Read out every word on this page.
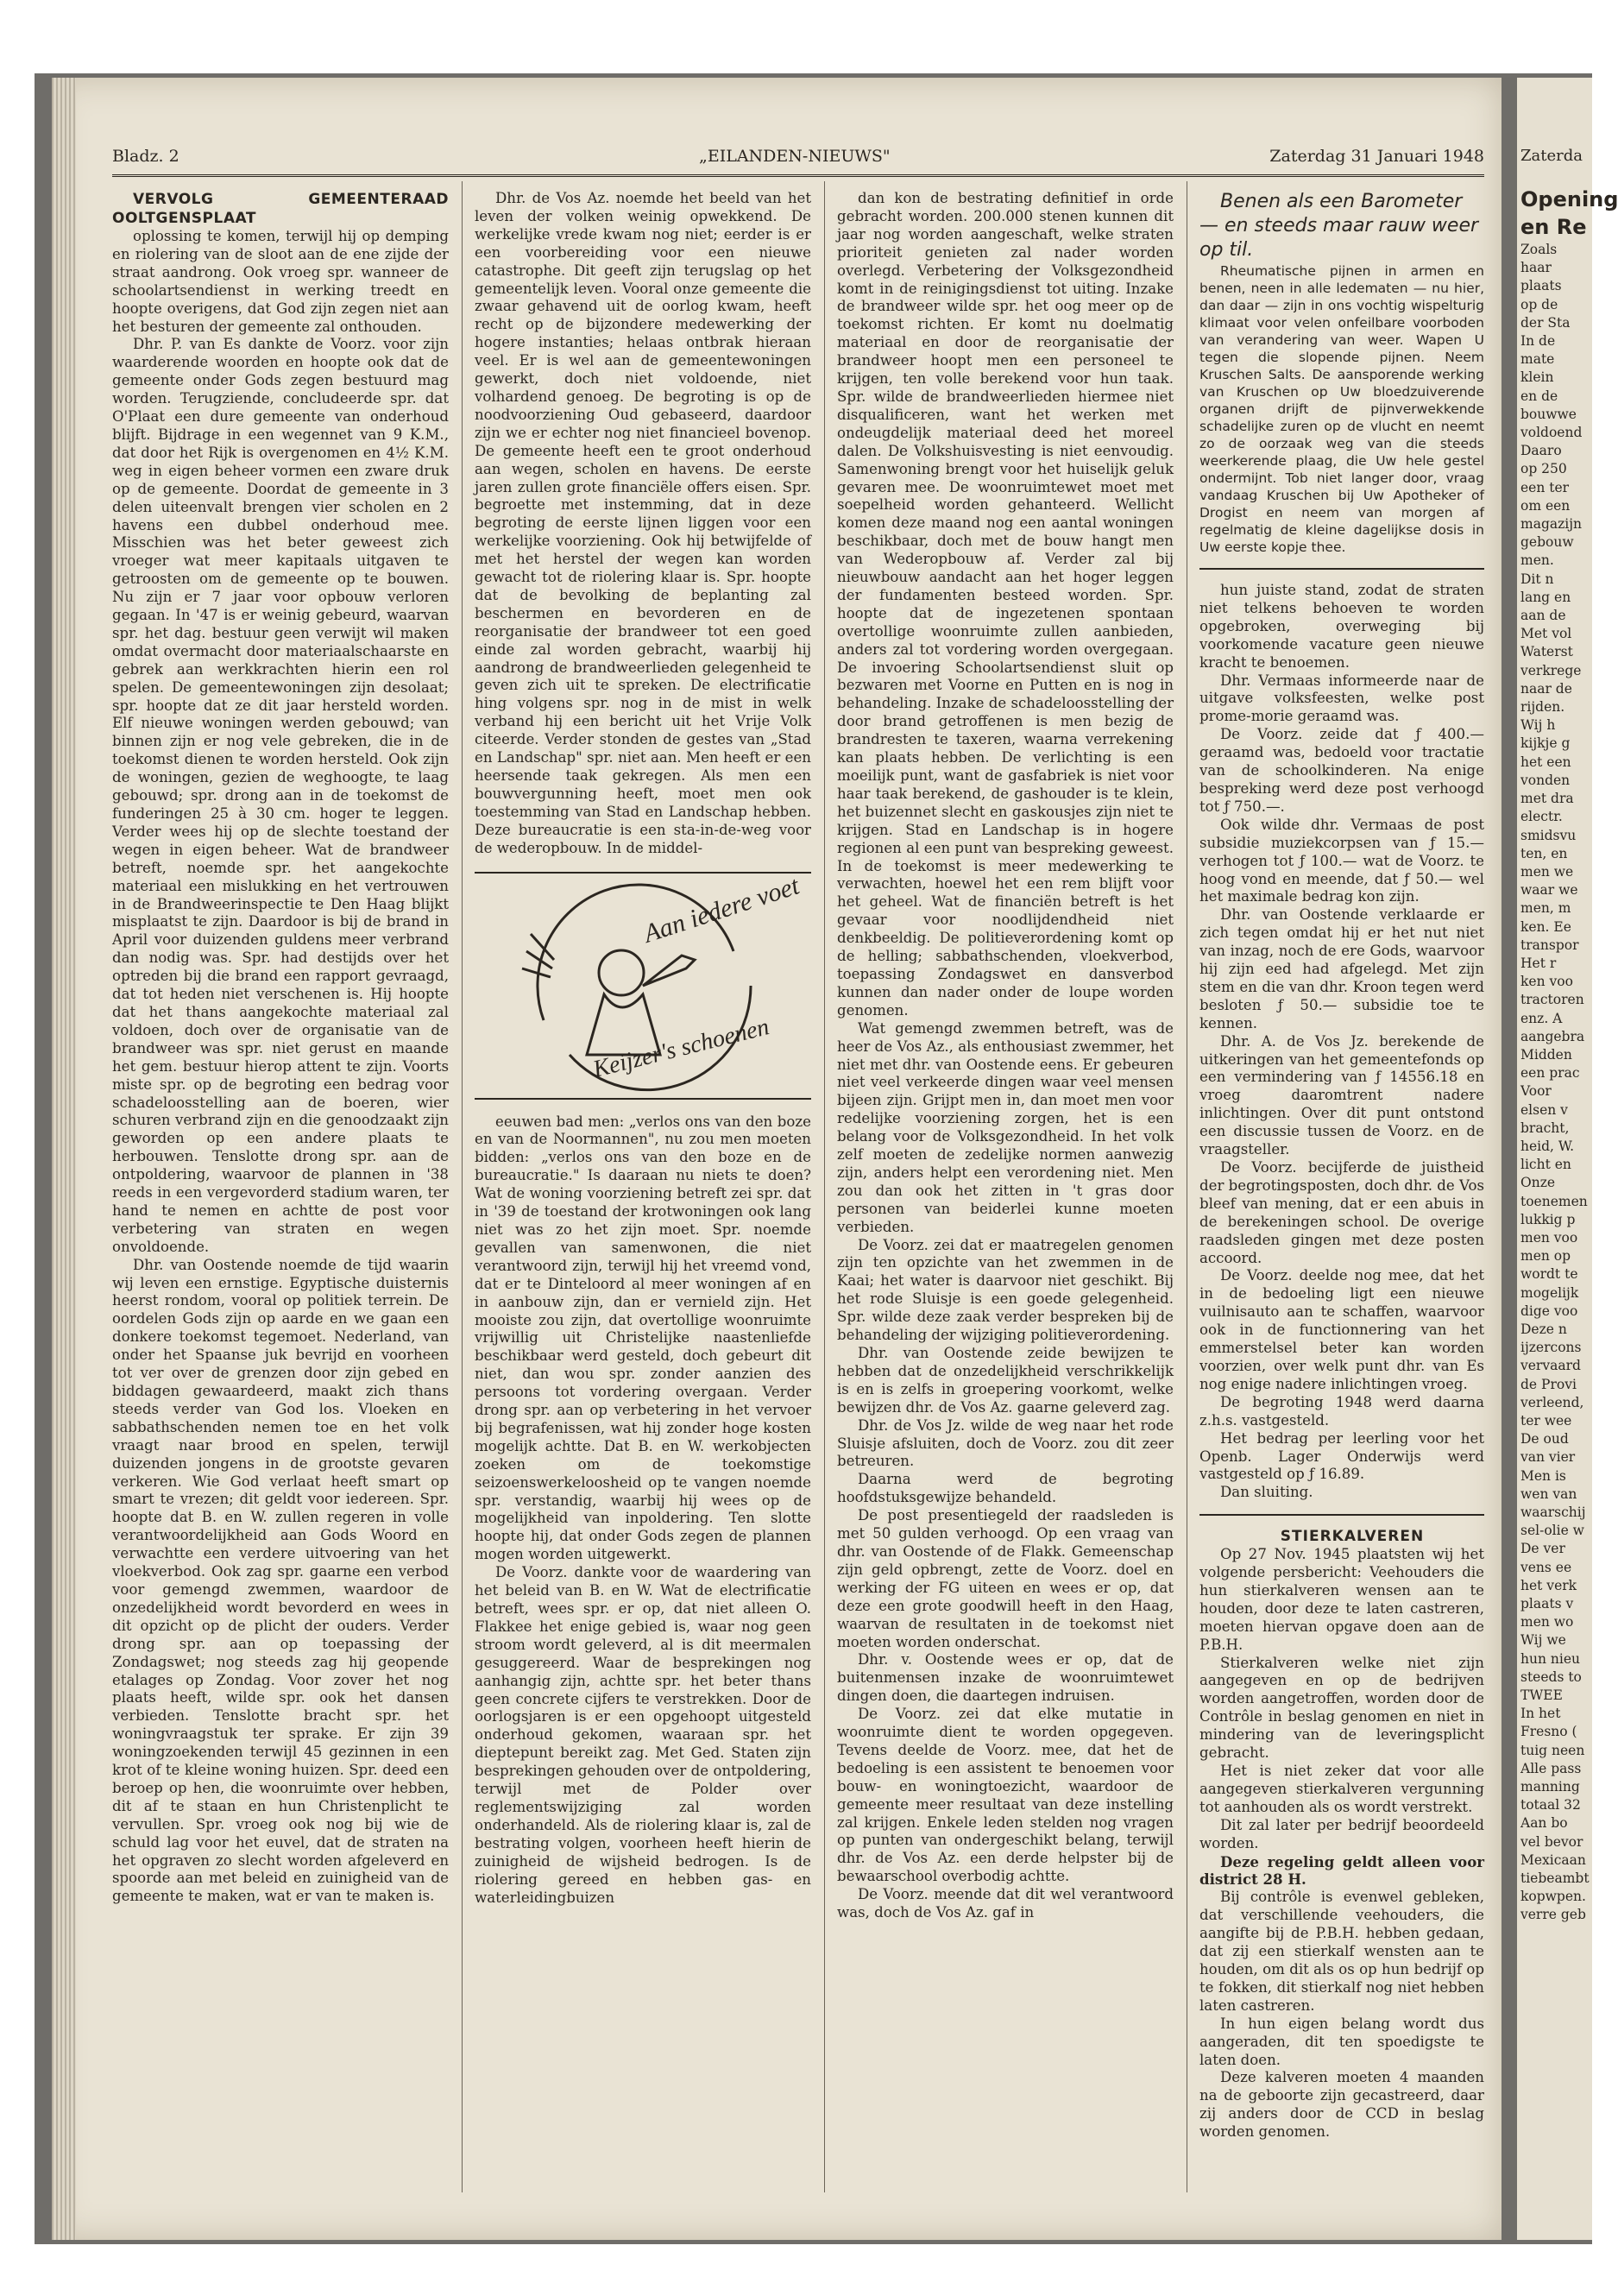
Bladz. 2	„EILANDEN-NIEUWS"	Zaterdag 31 Januari 1948

VERVOLG GEMEENTERAAD OOLTGENSPLAAT

oplossing te komen, terwijl hij op demping en riolering van de sloot aan de ene zijde der straat aandrong. Ook vroeg spr. wanneer de schoolartsendienst in werking treedt en hoopte overigens, dat God zijn zegen niet aan het besturen der gemeente zal onthouden.

Dhr. P. van Es dankte de Voorz. voor zijn waarderende woorden en hoopte ook dat de gemeente onder Gods zegen bestuurd mag worden. Terugziende, concludeerde spr. dat O'Plaat een dure gemeente van onderhoud blijft. Bijdrage in een wegennet van 9 K.M., dat door het Rijk is overgenomen en 4½ K.M. weg in eigen beheer vormen een zware druk op de gemeente. Doordat de gemeente in 3 delen uiteenvalt brengen vier scholen en 2 havens een dubbel onderhoud mee. Misschien was het beter geweest zich vroeger wat meer kapitaals uitgaven te getroosten om de gemeente op te bouwen. Nu zijn er 7 jaar voor opbouw verloren gegaan. In '47 is er weinig gebeurd, waarvan spr. het dag. bestuur geen verwijt wil maken omdat overmacht door materiaalschaarste en gebrek aan werkkrachten hierin een rol spelen. De gemeentewoningen zijn desolaat; spr. hoopte dat ze dit jaar hersteld worden. Elf nieuwe woningen werden gebouwd; van binnen zijn er nog vele gebreken, die in de toekomst dienen te worden hersteld. Ook zijn de woningen, gezien de weghoogte, te laag gebouwd; spr. drong aan in de toekomst de funderingen 25 à 30 cm. hoger te leggen. Verder wees hij op de slechte toestand der wegen in eigen beheer. Wat de brandweer betreft, noemde spr. het aangekochte materiaal een mislukking en het vertrouwen in de Brandweerinspectie te Den Haag blijkt misplaatst te zijn. Daardoor is bij de brand in April voor duizenden guldens meer verbrand dan nodig was. Spr. had destijds over het optreden bij die brand een rapport gevraagd, dat tot heden niet verschenen is. Hij hoopte dat het thans aangekochte materiaal zal voldoen, doch over de organisatie van de brandweer was spr. niet gerust en maande het gem. bestuur hierop attent te zijn. Voorts miste spr. op de begroting een bedrag voor schadeloosstelling aan de boeren, wier schuren verbrand zijn en die genoodzaakt zijn geworden op een andere plaats te herbouwen. Tenslotte drong spr. aan de ontpoldering, waarvoor de plannen in '38 reeds in een vergevorderd stadium waren, ter hand te nemen en achtte de post voor verbetering van straten en wegen onvoldoende.

Dhr. van Oostende noemde de tijd waarin wij leven een ernstige. Egyptische duisternis heerst rondom, vooral op politiek terrein. De oordelen Gods zijn op aarde en we gaan een donkere toekomst tegemoet. Nederland, van onder het Spaanse juk bevrijd en voorheen tot ver over de grenzen door zijn gebed en biddagen gewaardeerd, maakt zich thans steeds verder van God los. Vloeken en sabbathschenden nemen toe en het volk vraagt naar brood en spelen, terwijl duizenden jongens in de grootste gevaren verkeren. Wie God verlaat heeft smart op smart te vrezen; dit geldt voor iedereen. Spr. hoopte dat B. en W. zullen regeren in volle verantwoordelijkheid aan Gods Woord en verwachtte een verdere uitvoering van het vloekverbod. Ook zag spr. gaarne een verbod voor gemengd zwemmen, waardoor de onzedelijkheid wordt bevorderd en wees in dit opzicht op de plicht der ouders. Verder drong spr. aan op toepassing der Zondagswet; nog steeds zag hij geopende etalages op Zondag. Voor zover het nog plaats heeft, wilde spr. ook het dansen verbieden. Tenslotte bracht spr. het woningvraagstuk ter sprake. Er zijn 39 woningzoekenden terwijl 45 gezinnen in een krot of te kleine woning huizen. Spr. deed een beroep op hen, die woonruimte over hebben, dit af te staan en hun Christenplicht te vervullen. Spr. vroeg ook nog bij wie de schuld lag voor het euvel, dat de straten na het opgraven zo slecht worden afgeleverd en spoorde aan met beleid en zuinigheid van de gemeente te maken, wat er van te maken is.

Dhr. de Vos Az. noemde het beeld van het leven der volken weinig opwekkend. De werkelijke vrede kwam nog niet; eerder is er een voorbereiding voor een nieuwe catastrophe. Dit geeft zijn terugslag op het gemeentelijk leven. Vooral onze gemeente die zwaar gehavend uit de oorlog kwam, heeft recht op de bijzondere medewerking der hogere instanties; helaas ontbrak hieraan veel. Er is wel aan de gemeentewoningen gewerkt, doch niet voldoende, niet volhardend genoeg. De begroting is op de noodvoorziening Oud gebaseerd, daardoor zijn we er echter nog niet financieel bovenop. De gemeente heeft een te groot onderhoud aan wegen, scholen en havens. De eerste jaren zullen grote financiële offers eisen. Spr. begroette met instemming, dat in deze begroting de eerste lijnen liggen voor een werkelijke voorziening. Ook hij betwijfelde of met het herstel der wegen kan worden gewacht tot de riolering klaar is. Spr. hoopte dat de bevolking de beplanting zal beschermen en bevorderen en de reorganisatie der brandweer tot een goed einde zal worden gebracht, waarbij hij aandrong de brandweerlieden gelegenheid te geven zich uit te spreken. De electrificatie hing volgens spr. nog in de mist in welk verband hij een bericht uit het Vrije Volk citeerde. Verder stonden de gestes van „Stad en Landschap" spr. niet aan. Men heeft er een heersende taak gekregen. Als men een bouwvergunning heeft, moet men ook toestemming van Stad en Landschap hebben. Deze bureaucratie is een sta-in-de-weg voor de wederopbouw. In de middel-

Aan iedere voet
Keijzer's schoenen

eeuwen bad men: „verlos ons van den boze en van de Noormannen", nu zou men moeten bidden: „verlos ons van den boze en de bureaucratie." Is daaraan nu niets te doen? Wat de woning voorziening betreft zei spr. dat in '39 de toestand der krotwoningen ook lang niet was zo het zijn moet. Spr. noemde gevallen van samenwonen, die niet verantwoord zijn, terwijl hij het vreemd vond, dat er te Dinteloord al meer woningen af en in aanbouw zijn, dan er vernield zijn. Het mooiste zou zijn, dat overtollige woonruimte vrijwillig uit Christelijke naastenliefde beschikbaar werd gesteld, doch gebeurt dit niet, dan wou spr. zonder aanzien des persoons tot vordering overgaan. Verder drong spr. aan op verbetering in het vervoer bij begrafenissen, wat hij zonder hoge kosten mogelijk achtte. Dat B. en W. werkobjecten zoeken om de toekomstige seizoenswerkeloosheid op te vangen noemde spr. verstandig, waarbij hij wees op de mogelijkheid van inpoldering. Ten slotte hoopte hij, dat onder Gods zegen de plannen mogen worden uitgewerkt.

De Voorz. dankte voor de waardering van het beleid van B. en W. Wat de electrificatie betreft, wees spr. er op, dat niet alleen O. Flakkee het enige gebied is, waar nog geen stroom wordt geleverd, al is dit meermalen gesuggereerd. Waar de besprekingen nog aanhangig zijn, achtte spr. het beter thans geen concrete cijfers te verstrekken. Door de oorlogsjaren is er een opgehoopt uitgesteld onderhoud gekomen, waaraan spr. het dieptepunt bereikt zag. Met Ged. Staten zijn besprekingen gehouden over de ontpoldering, terwijl met de Polder over reglementswijziging zal worden onderhandeld. Als de riolering klaar is, zal de bestrating volgen, voorheen heeft hierin de zuinigheid de wijsheid bedrogen. Is de riolering gereed en hebben gas- en waterleidingbuizen

dan kon de bestrating definitief in orde gebracht worden. 200.000 stenen kunnen dit jaar nog worden aangeschaft, welke straten prioriteit genieten zal nader worden overlegd. Verbetering der Volksgezondheid komt in de reinigingsdienst tot uiting. Inzake de brandweer wilde spr. het oog meer op de toekomst richten. Er komt nu doelmatig materiaal en door de reorganisatie der brandweer hoopt men een personeel te krijgen, ten volle berekend voor hun taak. Spr. wilde de brandweerlieden hiermee niet disqualificeren, want het werken met ondeugdelijk materiaal deed het moreel dalen. De Volkshuisvesting is niet eenvoudig. Samenwoning brengt voor het huiselijk geluk gevaren mee. De woonruimtewet moet met soepelheid worden gehanteerd. Wellicht komen deze maand nog een aantal woningen beschikbaar, doch met de bouw hangt men van Wederopbouw af. Verder zal bij nieuwbouw aandacht aan het hoger leggen der fundamenten besteed worden. Spr. hoopte dat de ingezetenen spontaan overtollige woonruimte zullen aanbieden, anders zal tot vordering worden overgegaan. De invoering Schoolartsendienst sluit op bezwaren met Voorne en Putten en is nog in behandeling. Inzake de schadeloosstelling der door brand getroffenen is men bezig de brandresten te taxeren, waarna verrekening kan plaats hebben. De verlichting is een moeilijk punt, want de gasfabriek is niet voor haar taak berekend, de gashouder is te klein, het buizennet slecht en gaskousjes zijn niet te krijgen. Stad en Landschap is in hogere regionen al een punt van bespreking geweest. In de toekomst is meer medewerking te verwachten, hoewel het een rem blijft voor het geheel. Wat de financiën betreft is het gevaar voor noodlijdendheid niet denkbeeldig. De politieverordening komt op de helling; sabbathschenden, vloekverbod, toepassing Zondagswet en dansverbod kunnen dan nader onder de loupe worden genomen.

Wat gemengd zwemmen betreft, was de heer de Vos Az., als enthousiast zwemmer, het niet met dhr. van Oostende eens. Er gebeuren niet veel verkeerde dingen waar veel mensen bijeen zijn. Grijpt men in, dan moet men voor redelijke voorziening zorgen, het is een belang voor de Volksgezondheid. In het volk zelf moeten de zedelijke normen aanwezig zijn, anders helpt een verordening niet. Men zou dan ook het zitten in 't gras door personen van beiderlei kunne moeten verbieden.

De Voorz. zei dat er maatregelen genomen zijn ten opzichte van het zwemmen in de Kaai; het water is daarvoor niet geschikt. Bij het rode Sluisje is een goede gelegenheid. Spr. wilde deze zaak verder bespreken bij de behandeling der wijziging politieverordening.

Dhr. van Oostende zeide bewijzen te hebben dat de onzedelijkheid verschrikkelijk is en is zelfs in groepering voorkomt, welke bewijzen dhr. de Vos Az. gaarne geleverd zag.

Dhr. de Vos Jz. wilde de weg naar het rode Sluisje afsluiten, doch de Voorz. zou dit zeer betreuren.

Daarna werd de begroting hoofdstuksgewijze behandeld.

De post presentiegeld der raadsleden is met 50 gulden verhoogd. Op een vraag van dhr. van Oostende of de Flakk. Gemeenschap zijn geld opbrengt, zette de Voorz. doel en werking der FG uiteen en wees er op, dat deze een grote goodwill heeft in den Haag, waarvan de resultaten in de toekomst niet moeten worden onderschat.

Dhr. v. Oostende wees er op, dat de buitenmensen inzake de woonruimtewet dingen doen, die daartegen indruisen.

De Voorz. zei dat elke mutatie in woonruimte dient te worden opgegeven. Tevens deelde de Voorz. mee, dat het de bedoeling is een assistent te benoemen voor bouw- en woningtoezicht, waardoor de gemeente meer resultaat van deze instelling zal krijgen. Enkele leden stelden nog vragen op punten van ondergeschikt belang, terwijl dhr. de Vos Az. een derde helpster bij de bewaarschool overbodig achtte.

De Voorz. meende dat dit wel verantwoord was, doch de Vos Az. gaf in

Benen als een Barometer — en steeds maar rauw weer op til.

Rheumatische pijnen in armen en benen, neen in alle ledematen — nu hier, dan daar — zijn in ons vochtig wispelturig klimaat voor velen onfeilbare voorboden van verandering van weer. Wapen U tegen die slopende pijnen. Neem Kruschen Salts. De aansporende werking van Kruschen op Uw bloedzuiverende organen drijft de pijnverwekkende schadelijke zuren op de vlucht en neemt zo de oorzaak weg van die steeds weerkerende plaag, die Uw hele gestel ondermijnt. Tob niet langer door, vraag vandaag Kruschen bij Uw Apotheker of Drogist en neem van morgen af regelmatig de kleine dagelijkse dosis in Uw eerste kopje thee.

hun juiste stand, zodat de straten niet telkens behoeven te worden opgebroken, overweging bij voorkomende vacature geen nieuwe kracht te benoemen.

Dhr. Vermaas informeerde naar de uitgave volksfeesten, welke post prome-morie geraamd was.

De Voorz. zeide dat ƒ 400.— geraamd was, bedoeld voor tractatie van de schoolkinderen. Na enige bespreking werd deze post verhoogd tot ƒ 750.—.

Ook wilde dhr. Vermaas de post subsidie muziekcorpsen van ƒ 15.— verhogen tot ƒ 100.— wat de Voorz. te hoog vond en meende, dat ƒ 50.— wel het maximale bedrag kon zijn.

Dhr. van Oostende verklaarde er zich tegen omdat hij er het nut niet van inzag, noch de ere Gods, waarvoor hij zijn eed had afgelegd. Met zijn stem en die van dhr. Kroon tegen werd besloten ƒ 50.— subsidie toe te kennen.

Dhr. A. de Vos Jz. berekende de uitkeringen van het gemeentefonds op een vermindering van ƒ 14556.18 en vroeg daaromtrent nadere inlichtingen. Over dit punt ontstond een discussie tussen de Voorz. en de vraagsteller.

De Voorz. becijferde de juistheid der begrotingsposten, doch dhr. de Vos bleef van mening, dat er een abuis in de berekeningen school. De overige raadsleden gingen met deze posten accoord.

De Voorz. deelde nog mee, dat het in de bedoeling ligt een nieuwe vuilnisauto aan te schaffen, waarvoor ook in de functionnering van het emmerstelsel beter kan worden voorzien, over welk punt dhr. van Es nog enige nadere inlichtingen vroeg.

De begroting 1948 werd daarna z.h.s. vastgesteld.

Het bedrag per leerling voor het Openb. Lager Onderwijs werd vastgesteld op ƒ 16.89.

Dan sluiting.

STIERKALVEREN

Op 27 Nov. 1945 plaatsten wij het volgende persbericht: Veehouders die hun stierkalveren wensen aan te houden, door deze te laten castreren, moeten hiervan opgave doen aan de P.B.H.

Stierkalveren welke niet zijn aangegeven en op de bedrijven worden aangetroffen, worden door de Contrôle in beslag genomen en niet in mindering van de leveringsplicht gebracht.

Het is niet zeker dat voor alle aangegeven stierkalveren vergunning tot aanhouden als os wordt verstrekt.

Dit zal later per bedrijf beoordeeld worden.

Deze regeling geldt alleen voor district 28 H.

Bij contrôle is evenwel gebleken, dat verschillende veehouders, die aangifte bij de P.B.H. hebben gedaan, dat zij een stierkalf wensten aan te houden, om dit als os op hun bedrijf op te fokken, dit stierkalf nog niet hebben laten castreren.

In hun eigen belang wordt dus aangeraden, dit ten spoedigste te laten doen.

Deze kalveren moeten 4 maanden na de geboorte zijn gecastreerd, daar zij anders door de CCD in beslag worden genomen.

Zaterda
Opening
en Re
Zoals
haar
plaats
op de
der Sta
In de
mate
klein
en de
bouwwe
voldoend
Daaro
op 250
een ter
om een
magazijn
gebouw
men.
Dit n
lang en
aan de
Met vol
Waterst
verkrege
naar de
rijden.
Wij h
kijkje g
het een
vonden
met dra
electr.
smidsvu
ten, en
men we
waar we
men, m
ken. Ee
transpor
Het r
ken voo
tractoren
enz. A
aangebra
Midden
een prac
Voor
elsen v
bracht,
heid, W.
licht en
Onze
toenemen
lukkig p
men voo
men op
wordt te
mogelijk
dige voo
Deze n
ijzercons
vervaard
de Provi
verleend,
ter wee
De oud
van vier
Men is
wen van
waarschij
sel-olie w
De ver
vens ee
het verk
plaats v
men wo
Wij we
hun nieu
steeds to
TWEE
In het
Fresno (
tuig neen
Alle pass
manning
totaal 32
Aan bo
vel bevor
Mexicaan
tiebeambt
kopwpen.
verre geb
